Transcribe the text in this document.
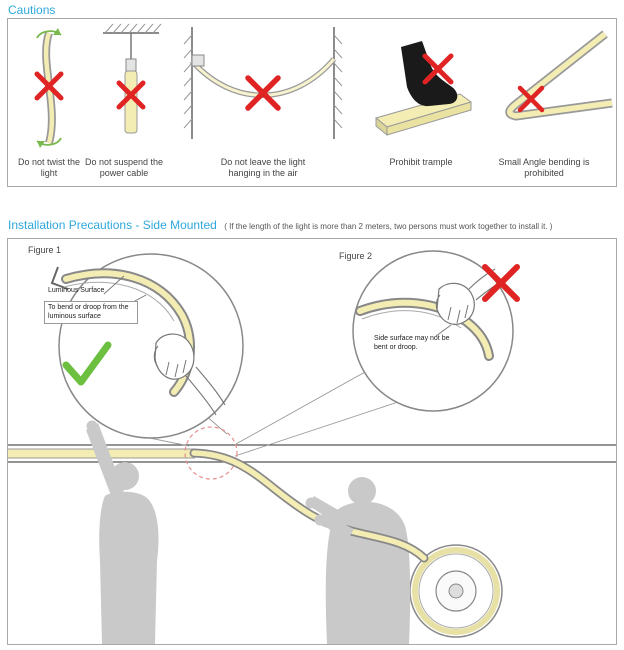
Cautions
Do not twist the light
Do not suspend the power cable
Do not leave the light hanging in the air
Prohibit trample	Small Angle bending is prohibited
Installation Precautions - Side Mounted ( If the length of the light is more than 2 meters, two persons must work together to install it. )
Figure 1
Figure 2
Luminous Surface
To bend or droop from the luminous surface
Side surface may not be bent or droop.
